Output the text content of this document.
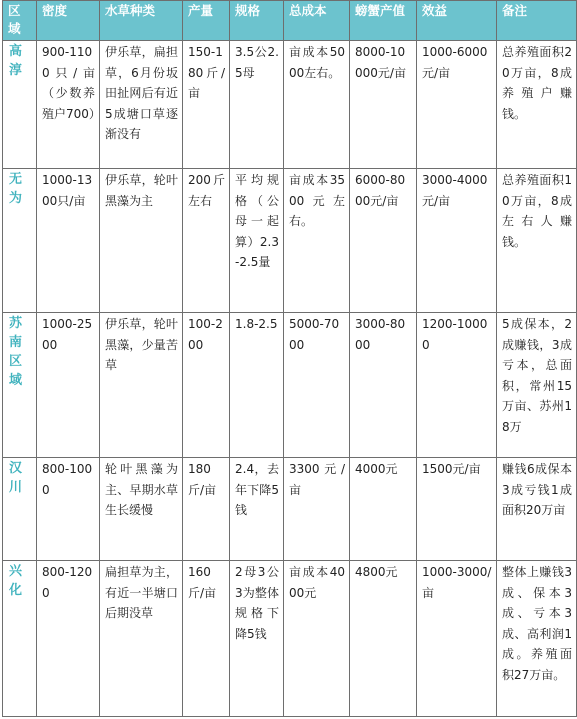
区域	密度	水草种类	产量	规格	总成本	螃蟹产值	效益	备注
高淳	900-1100只/亩（少数养殖户700）	伊乐草，扁担草，6月份坂田扯网后有近5成塘口草逐渐没有	150-180斤/亩	3.5公2.5母	亩成本5000左右。	8000-10000元/亩	1000-6000元/亩	总养殖面积20万亩，8成养殖户赚钱。
无为	1000-1300只/亩	伊乐草，轮叶黑藻为主	200斤左右	平均规格（公母一起算）2.3-2.5量	亩成本3500元左右。	6000-8000元/亩	3000-4000元/亩	总养殖面积10万亩，8成左右人赚钱。
苏南区域	1000-2500	伊乐草，轮叶黑藻，少量苦草	100-200	1.8-2.5	5000-7000	3000-8000	1200-10000	5成保本，2成赚钱，3成亏本，总面积，常州15万亩、苏州18万
汉川	800-1000	轮叶黑藻为主、早期水草生长缓慢	180斤/亩	2.4，去年下降5钱	3300元/亩	4000元	1500元/亩	赚钱6成保本3成亏钱1成面积20万亩
兴化	800-1200	扁担草为主，有近一半塘口后期没草	160斤/亩	2母3公3为整体规格下降5钱	亩成本4000元	4800元	1000-3000/亩	整体上赚钱3成、保本3成、亏本3成、高利润1成。养殖面积27万亩。
